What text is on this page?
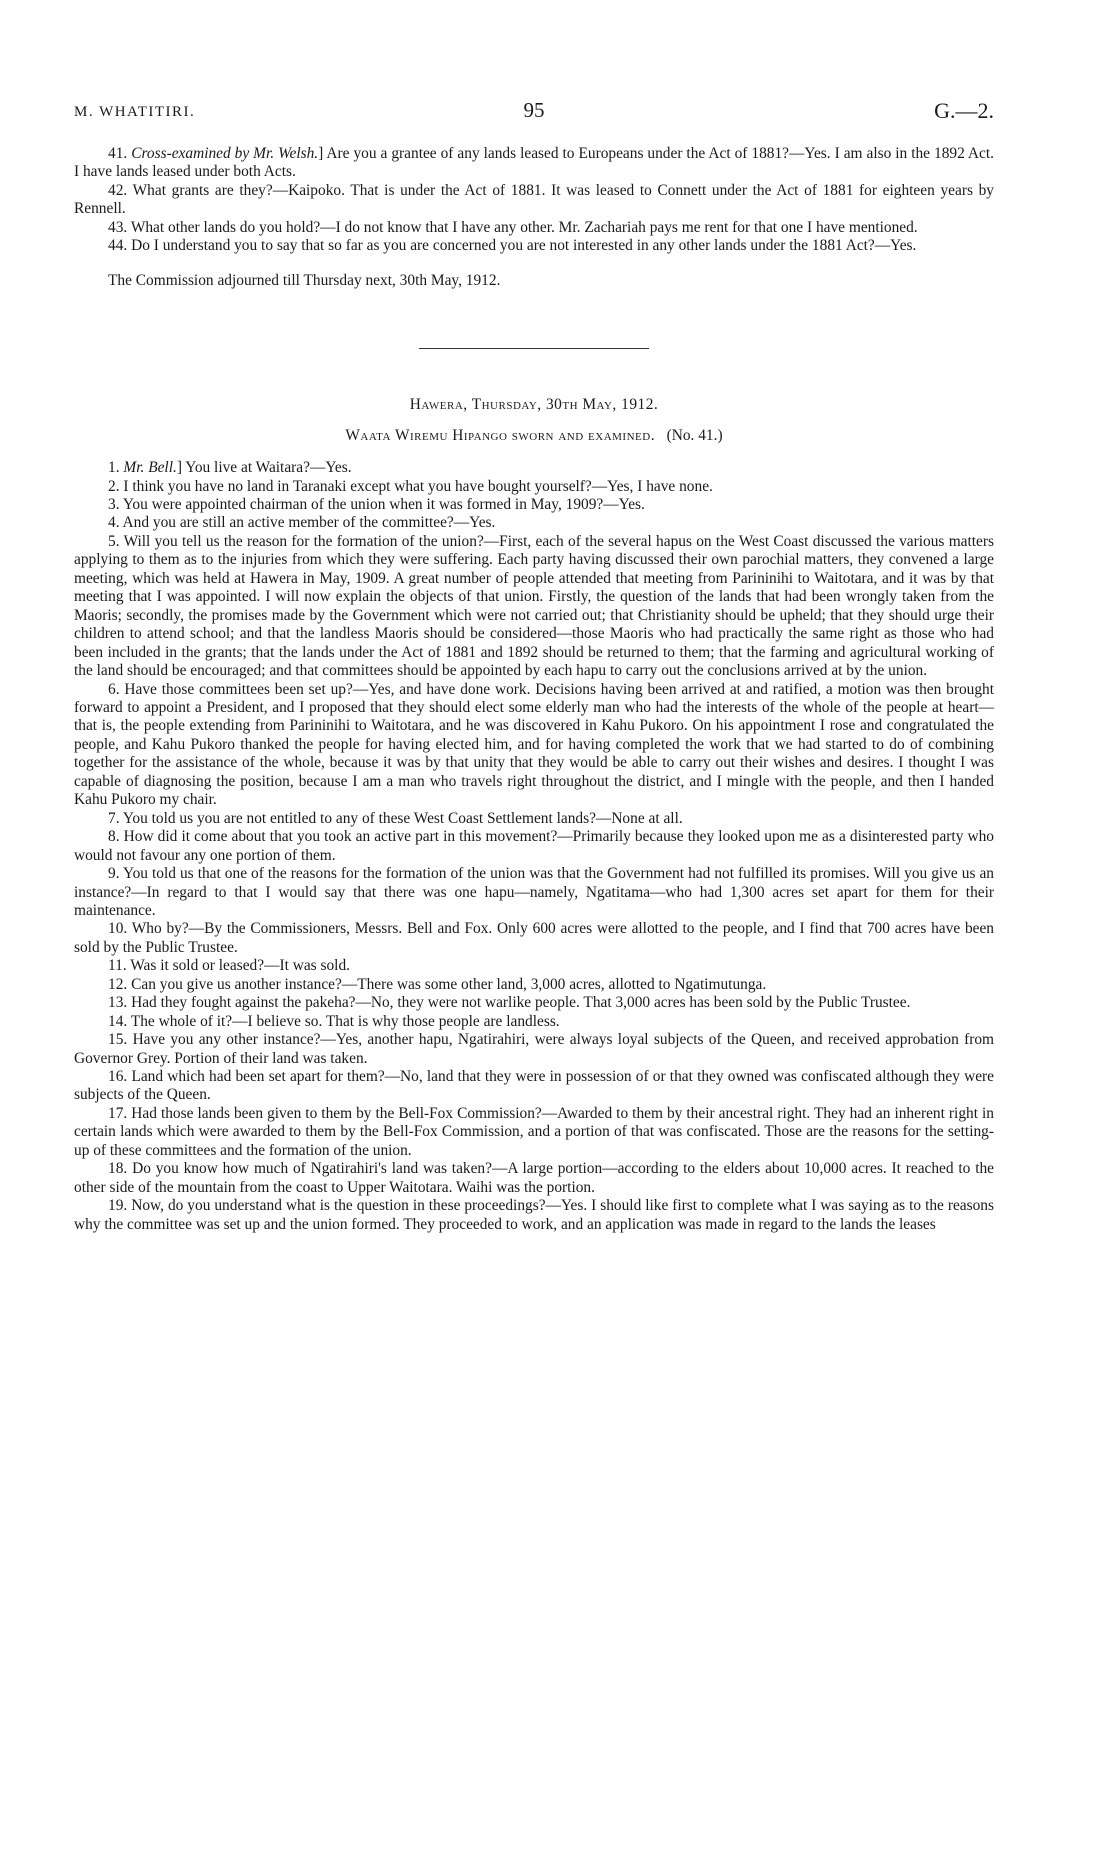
M. WHATITIRI.	95	G.—2.

41. Cross-examined by Mr. Welsh.] Are you a grantee of any lands leased to Europeans under the Act of 1881?—Yes. I am also in the 1892 Act. I have lands leased under both Acts.

42. What grants are they?—Kaipoko. That is under the Act of 1881. It was leased to Connett under the Act of 1881 for eighteen years by Rennell.

43. What other lands do you hold?—I do not know that I have any other. Mr. Zachariah pays me rent for that one I have mentioned.

44. Do I understand you to say that so far as you are concerned you are not interested in any other lands under the 1881 Act?—Yes.

The Commission adjourned till Thursday next, 30th May, 1912.

Hawera, Thursday, 30th May, 1912.

Waata Wiremu Hipango sworn and examined. (No. 41.)

1. Mr. Bell.] You live at Waitara?—Yes.

2. I think you have no land in Taranaki except what you have bought yourself?—Yes, I have none.

3. You were appointed chairman of the union when it was formed in May, 1909?—Yes.

4. And you are still an active member of the committee?—Yes.

5. Will you tell us the reason for the formation of the union?—First, each of the several hapus on the West Coast discussed the various matters applying to them as to the injuries from which they were suffering. Each party having discussed their own parochial matters, they convened a large meeting, which was held at Hawera in May, 1909. A great number of people attended that meeting from Parininihi to Waitotara, and it was by that meeting that I was appointed. I will now explain the objects of that union. Firstly, the question of the lands that had been wrongly taken from the Maoris; secondly, the promises made by the Government which were not carried out; that Christianity should be upheld; that they should urge their children to attend school; and that the landless Maoris should be considered—those Maoris who had practically the same right as those who had been included in the grants; that the lands under the Act of 1881 and 1892 should be returned to them; that the farming and agricultural working of the land should be encouraged; and that committees should be appointed by each hapu to carry out the conclusions arrived at by the union.

6. Have those committees been set up?—Yes, and have done work. Decisions having been arrived at and ratified, a motion was then brought forward to appoint a President, and I proposed that they should elect some elderly man who had the interests of the whole of the people at heart—that is, the people extending from Parininihi to Waitotara, and he was discovered in Kahu Pukoro. On his appointment I rose and congratulated the people, and Kahu Pukoro thanked the people for having elected him, and for having completed the work that we had started to do of combining together for the assistance of the whole, because it was by that unity that they would be able to carry out their wishes and desires. I thought I was capable of diagnosing the position, because I am a man who travels right throughout the district, and I mingle with the people, and then I handed Kahu Pukoro my chair.

7. You told us you are not entitled to any of these West Coast Settlement lands?—None at all.

8. How did it come about that you took an active part in this movement?—Primarily because they looked upon me as a disinterested party who would not favour any one portion of them.

9. You told us that one of the reasons for the formation of the union was that the Government had not fulfilled its promises. Will you give us an instance?—In regard to that I would say that there was one hapu—namely, Ngatitama—who had 1,300 acres set apart for them for their maintenance.

10. Who by?—By the Commissioners, Messrs. Bell and Fox. Only 600 acres were allotted to the people, and I find that 700 acres have been sold by the Public Trustee.

11. Was it sold or leased?—It was sold.

12. Can you give us another instance?—There was some other land, 3,000 acres, allotted to Ngatimutunga.

13. Had they fought against the pakeha?—No, they were not warlike people. That 3,000 acres has been sold by the Public Trustee.

14. The whole of it?—I believe so. That is why those people are landless.

15. Have you any other instance?—Yes, another hapu, Ngatirahiri, were always loyal subjects of the Queen, and received approbation from Governor Grey. Portion of their land was taken.

16. Land which had been set apart for them?—No, land that they were in possession of or that they owned was confiscated although they were subjects of the Queen.

17. Had those lands been given to them by the Bell-Fox Commission?—Awarded to them by their ancestral right. They had an inherent right in certain lands which were awarded to them by the Bell-Fox Commission, and a portion of that was confiscated. Those are the reasons for the setting-up of these committees and the formation of the union.

18. Do you know how much of Ngatirahiri's land was taken?—A large portion—according to the elders about 10,000 acres. It reached to the other side of the mountain from the coast to Upper Waitotara. Waihi was the portion.

19. Now, do you understand what is the question in these proceedings?—Yes. I should like first to complete what I was saying as to the reasons why the committee was set up and the union formed. They proceeded to work, and an application was made in regard to the lands the leases
